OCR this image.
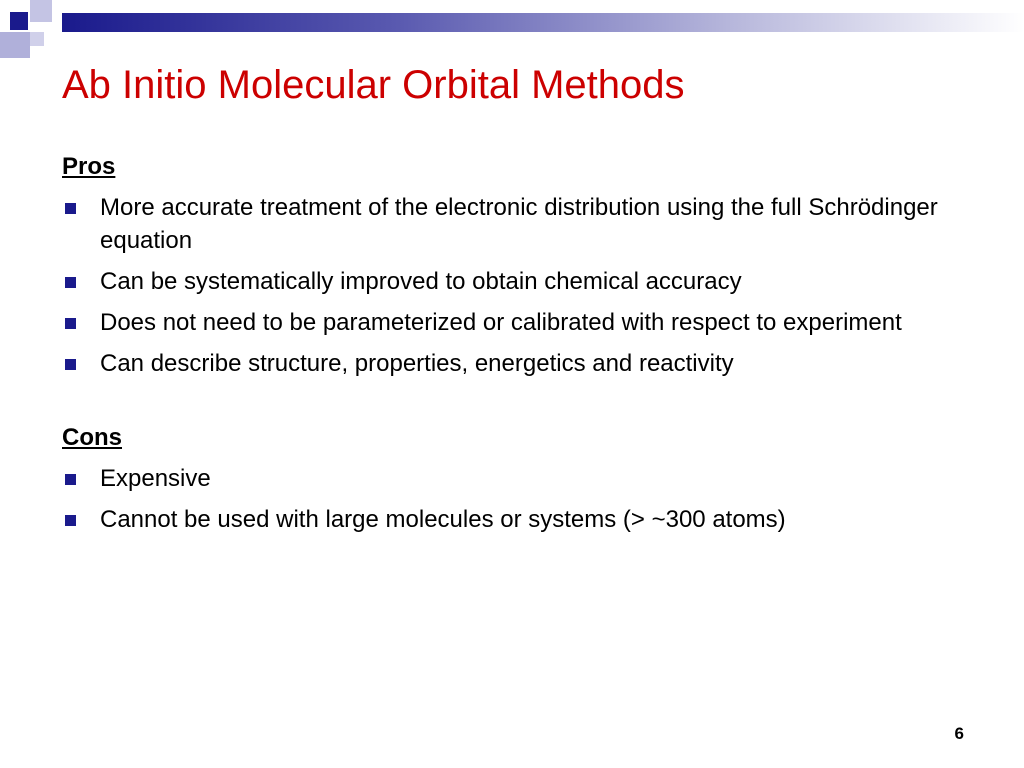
Ab Initio Molecular Orbital Methods
Pros
More accurate treatment of the electronic distribution using the full Schrödinger equation
Can be systematically improved to obtain chemical accuracy
Does not need to be parameterized or calibrated with respect to experiment
Can describe structure, properties, energetics and reactivity
Cons
Expensive
Cannot be used with large molecules or systems (> ~300 atoms)
6
